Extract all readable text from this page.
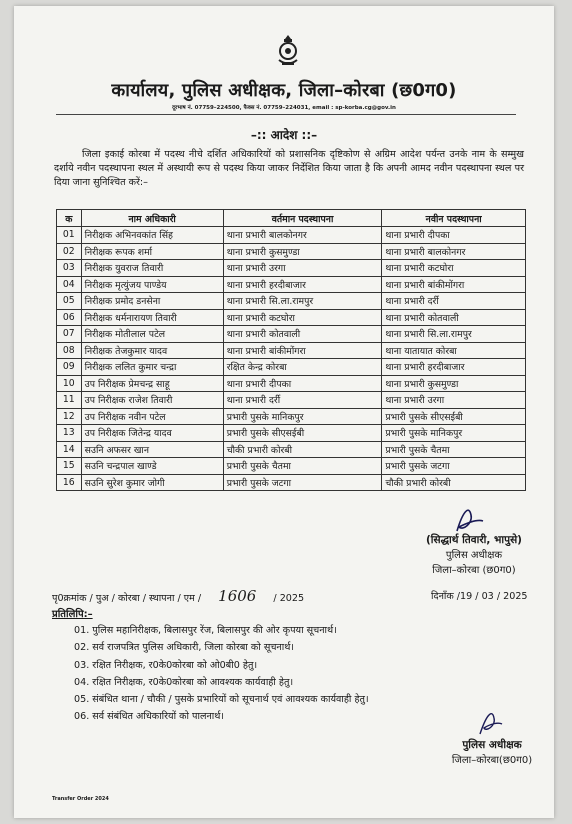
कार्यालय, पुलिस अधीक्षक, जिला–कोरबा (छ0ग0)
दूरभाष नं. 07759–224500, फैक्स नं. 07759–224031, email : sp-korba.cg@gov.in
–:: आदेश ::–

जिला इकाई कोरबा में पदस्थ नीचे दर्शित अधिकारियों को प्रशासनिक दृष्टिकोण से अग्रिम आदेश पर्यन्त उनके नाम के सम्मुख दर्शाये नवीन पदस्थापना स्थल में अस्थायी रूप से पदस्थ किया जाकर निर्देशित किया जाता है कि अपनी आमद नवीन पदस्थापना स्थल पर दिया जाना सुनिश्चित करें:–

क	नाम अधिकारी	वर्तमान पदस्थापना	नवीन पदस्थापना
01	निरीक्षक अभिनवकांत सिंह	थाना प्रभारी बालकोनगर	थाना प्रभारी दीपका
02	निरीक्षक रूपक शर्मा	थाना प्रभारी कुसमुण्डा	थाना प्रभारी बालकोनगर
03	निरीक्षक युवराज तिवारी	थाना प्रभारी उरगा	थाना प्रभारी कटघोरा
04	निरीक्षक मृत्युंजय पाण्डेय	थाना प्रभारी हरदीबाजार	थाना प्रभारी बांकीमोंगरा
05	निरीक्षक प्रमोद डनसेना	थाना प्रभारी सि.ला.रामपुर	थाना प्रभारी दर्री
06	निरीक्षक धर्मनारायण तिवारी	थाना प्रभारी कटघोरा	थाना प्रभारी कोतवाली
07	निरीक्षक मोतीलाल पटेल	थाना प्रभारी कोतवाली	थाना प्रभारी सि.ला.रामपुर
08	निरीक्षक तेजकुमार यादव	थाना प्रभारी बांकीमोंगरा	थाना यातायात कोरबा
09	निरीक्षक ललित कुमार चन्द्रा	रक्षित केन्द्र कोरबा	थाना प्रभारी हरदीबाजार
10	उप निरीक्षक प्रेमचन्द्र साहू	थाना प्रभारी दीपका	थाना प्रभारी कुसमुण्डा
11	उप निरीक्षक राजेश तिवारी	थाना प्रभारी दर्री	थाना प्रभारी उरगा
12	उप निरीक्षक नवीन पटेल	प्रभारी पुसके मानिकपुर	प्रभारी पुसके सीएसईबी
13	उप निरीक्षक जितेन्द्र यादव	प्रभारी पुसके सीएसईबी	प्रभारी पुसके मानिकपुर
14	सउनि अफसर खान	चौकी प्रभारी कोरबी	प्रभारी पुसके चैतमा
15	सउनि चन्द्रपाल खाण्डे	प्रभारी पुसके चैतमा	प्रभारी पुसके जटगा
16	सउनि सुरेश कुमार जोगी	प्रभारी पुसके जटगा	चौकी प्रभारी कोरबी
(सिद्धार्थ तिवारी, भापुसे)
पुलिस अधीक्षक
जिला–कोरबा (छ0ग0)
पृ0क्रमांक / पुअ / कोरबा / स्थापना / एम / 1606 / 2025	दिनाँक /19 / 03 / 2025
प्रतिलिपि:–
01. पुलिस महानिरीक्षक, बिलासपुर रेंज, बिलासपुर की ओर कृपया सूचनार्थ।
02. सर्व राजपत्रित पुलिस अधिकारी, जिला कोरबा को सूचनार्थ।
03. रक्षित निरीक्षक, र0के0कोरबा को ओ0बी0 हेतु।
04. रक्षित निरीक्षक, र0के0कोरबा को आवश्यक कार्यवाही हेतु।
05. संबंधित थाना / चौकी / पुसके प्रभारियों को सूचनार्थ एवं आवश्यक कार्यवाही हेतु।
06. सर्व संबंधित अधिकारियों को पालनार्थ।
पुलिस अधीक्षक
जिला–कोरबा(छ0ग0)
Transfer Order 2024
